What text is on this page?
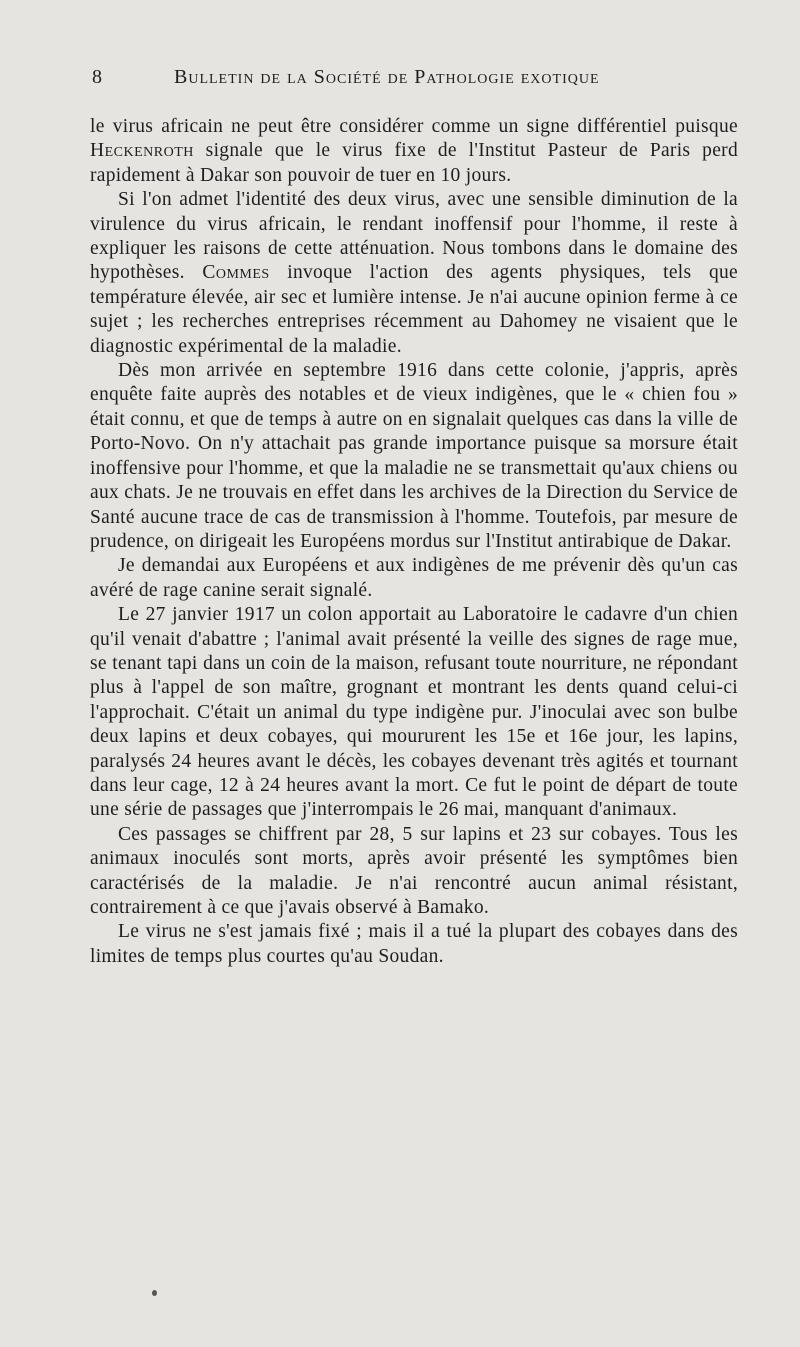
8	Bulletin de la Société de Pathologie exotique

le virus africain ne peut être considérer comme un signe différentiel puisque Heckenroth signale que le virus fixe de l'Institut Pasteur de Paris perd rapidement à Dakar son pouvoir de tuer en 10 jours.

Si l'on admet l'identité des deux virus, avec une sensible diminution de la virulence du virus africain, le rendant inoffensif pour l'homme, il reste à expliquer les raisons de cette atténuation. Nous tombons dans le domaine des hypothèses. Commes invoque l'action des agents physiques, tels que température élevée, air sec et lumière intense. Je n'ai aucune opinion ferme à ce sujet ; les recherches entreprises récemment au Dahomey ne visaient que le diagnostic expérimental de la maladie.

Dès mon arrivée en septembre 1916 dans cette colonie, j'appris, après enquête faite auprès des notables et de vieux indigènes, que le « chien fou » était connu, et que de temps à autre on en signalait quelques cas dans la ville de Porto-Novo. On n'y attachait pas grande importance puisque sa morsure était inoffensive pour l'homme, et que la maladie ne se transmettait qu'aux chiens ou aux chats. Je ne trouvais en effet dans les archives de la Direction du Service de Santé aucune trace de cas de transmission à l'homme. Toutefois, par mesure de prudence, on dirigeait les Européens mordus sur l'Institut antirabique de Dakar.

Je demandai aux Européens et aux indigènes de me prévenir dès qu'un cas avéré de rage canine serait signalé.

Le 27 janvier 1917 un colon apportait au Laboratoire le cadavre d'un chien qu'il venait d'abattre ; l'animal avait présenté la veille des signes de rage mue, se tenant tapi dans un coin de la maison, refusant toute nourriture, ne répondant plus à l'appel de son maître, grognant et montrant les dents quand celui-ci l'approchait. C'était un animal du type indigène pur. J'inoculai avec son bulbe deux lapins et deux cobayes, qui moururent les 15e et 16e jour, les lapins, paralysés 24 heures avant le décès, les cobayes devenant très agités et tournant dans leur cage, 12 à 24 heures avant la mort. Ce fut le point de départ de toute une série de passages que j'interrompais le 26 mai, manquant d'animaux.

Ces passages se chiffrent par 28, 5 sur lapins et 23 sur cobayes. Tous les animaux inoculés sont morts, après avoir présenté les symptômes bien caractérisés de la maladie. Je n'ai rencontré aucun animal résistant, contrairement à ce que j'avais observé à Bamako.

Le virus ne s'est jamais fixé ; mais il a tué la plupart des cobayes dans des limites de temps plus courtes qu'au Soudan.
